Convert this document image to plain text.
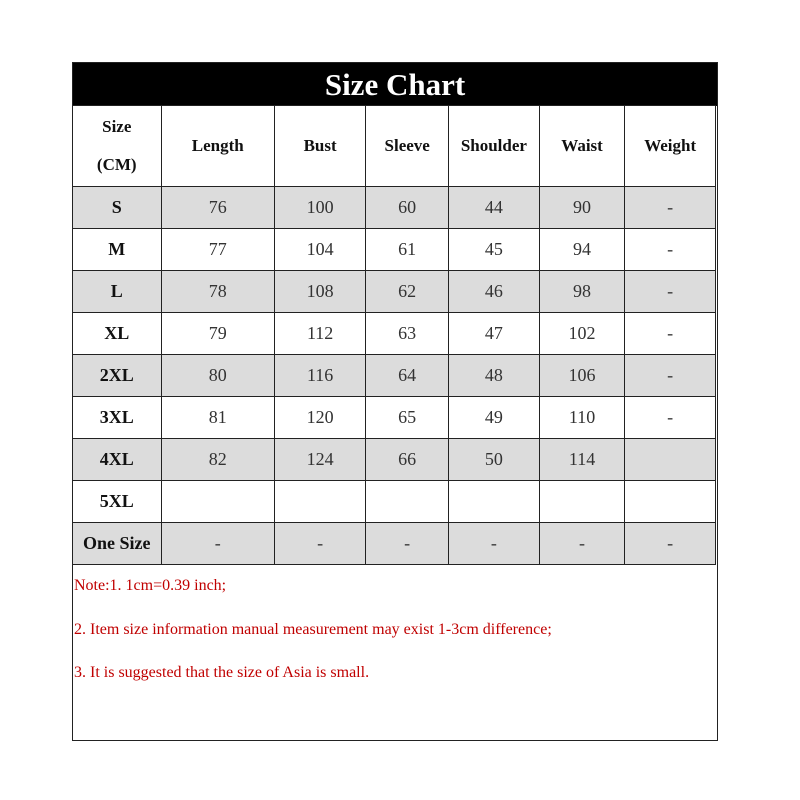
Size Chart
Size
(CM)	Length	Bust	Sleeve	Shoulder	Waist	Weight
S	76	100	60	44	90	-
M	77	104	61	45	94	-
L	78	108	62	46	98	-
XL	79	112	63	47	102	-
2XL	80	116	64	48	106	-
3XL	81	120	65	49	110	-
4XL	82	124	66	50	114	
5XL						
One Size	-	-	-	-	-	-
Note:1. 1cm=0.39 inch;
2. Item size information manual measurement may exist 1-3cm difference;
3. It is suggested that the size of Asia is small.
